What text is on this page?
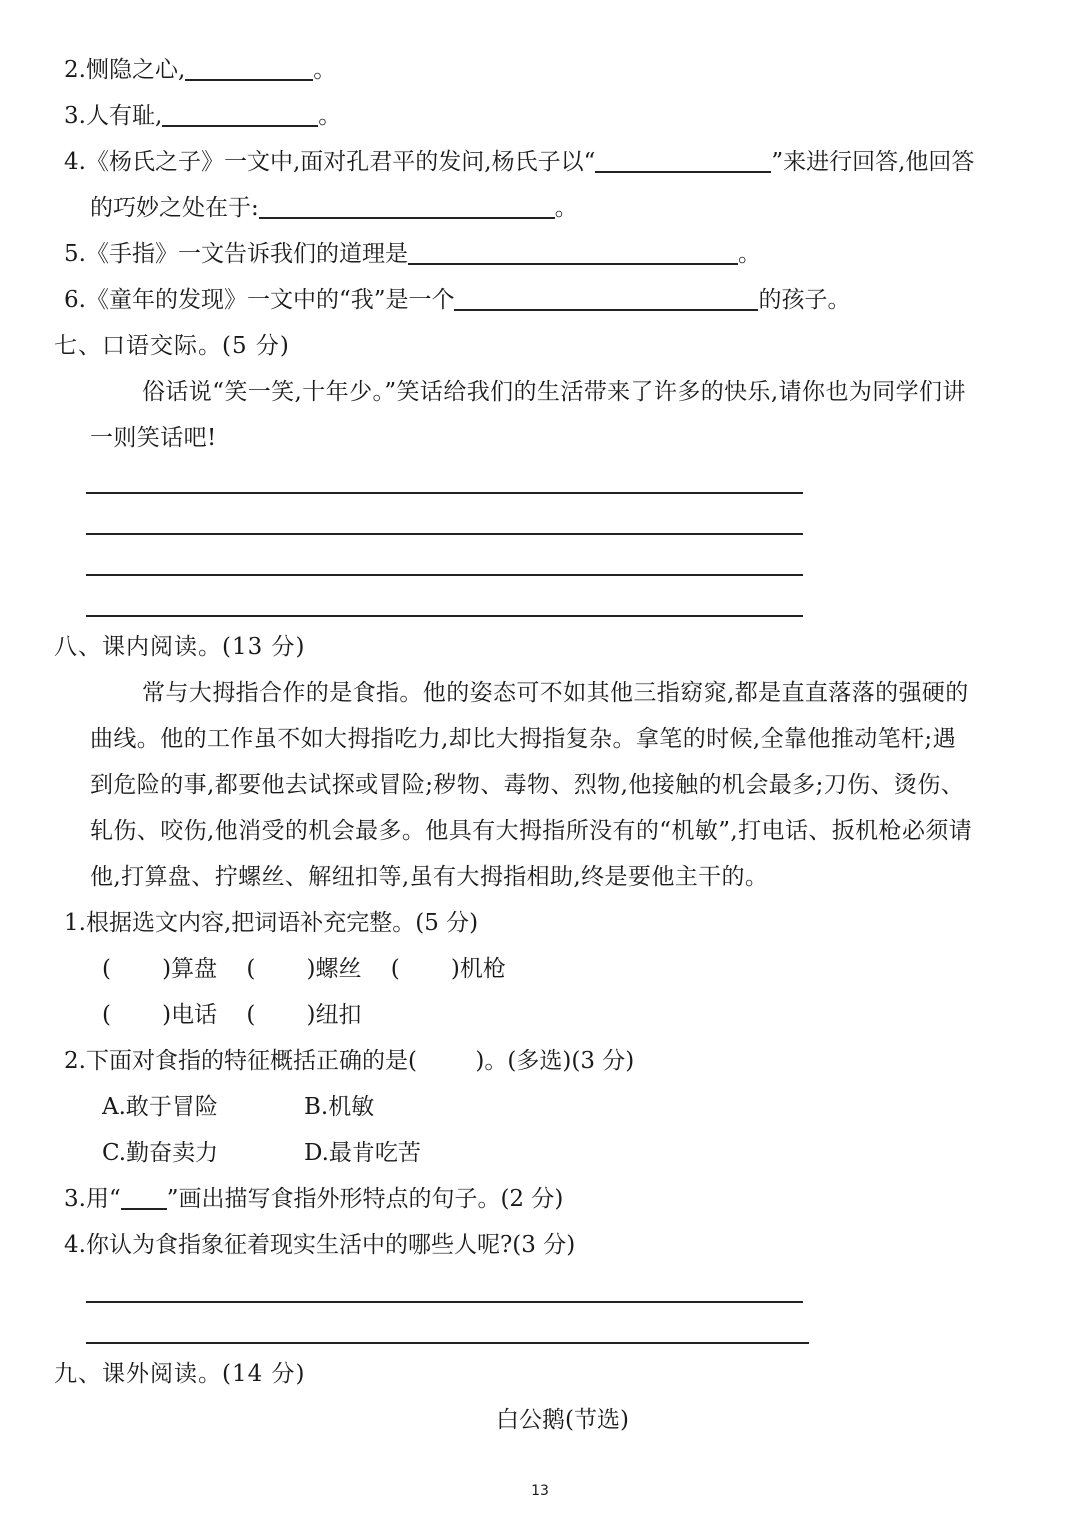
2.恻隐之心,	。
3.人有耻,	。
4.《杨氏之子》一文中,面对孔君平的发问,杨氏子以“	”来进行回答,他回答
的巧妙之处在于:	。
5.《手指》一文告诉我们的道理是	。
6.《童年的发现》一文中的“我”是一个	的孩子。
七、口语交际。(5 分)
俗话说“笑一笑,十年少。”笑话给我们的生活带来了许多的快乐,请你也为同学们讲
一则笑话吧!
八、课内阅读。(13 分)
常与大拇指合作的是食指。他的姿态可不如其他三指窈窕,都是直直落落的强硬的
曲线。他的工作虽不如大拇指吃力,却比大拇指复杂。拿笔的时候,全靠他推动笔杆;遇
到危险的事,都要他去试探或冒险;秽物、毒物、烈物,他接触的机会最多;刀伤、烫伤、
轧伤、咬伤,他消受的机会最多。他具有大拇指所没有的“机敏”,打电话、扳机枪必须请
他,打算盘、拧螺丝、解纽扣等,虽有大拇指相助,终是要他主干的。
1.根据选文内容,把词语补充完整。(5 分)
(       )算盘 (       )螺丝 (       )机枪
(       )电话 (       )纽扣
2.下面对食指的特征概括正确的是(	)。(多选)(3 分)
A.敢于冒险	B.机敏
C.勤奋卖力	D.最肯吃苦
3.用“ ”画出描写食指外形特点的句子。(2 分)
4.你认为食指象征着现实生活中的哪些人呢?(3 分)
九、课外阅读。(14 分)
白公鹅(节选)
13
